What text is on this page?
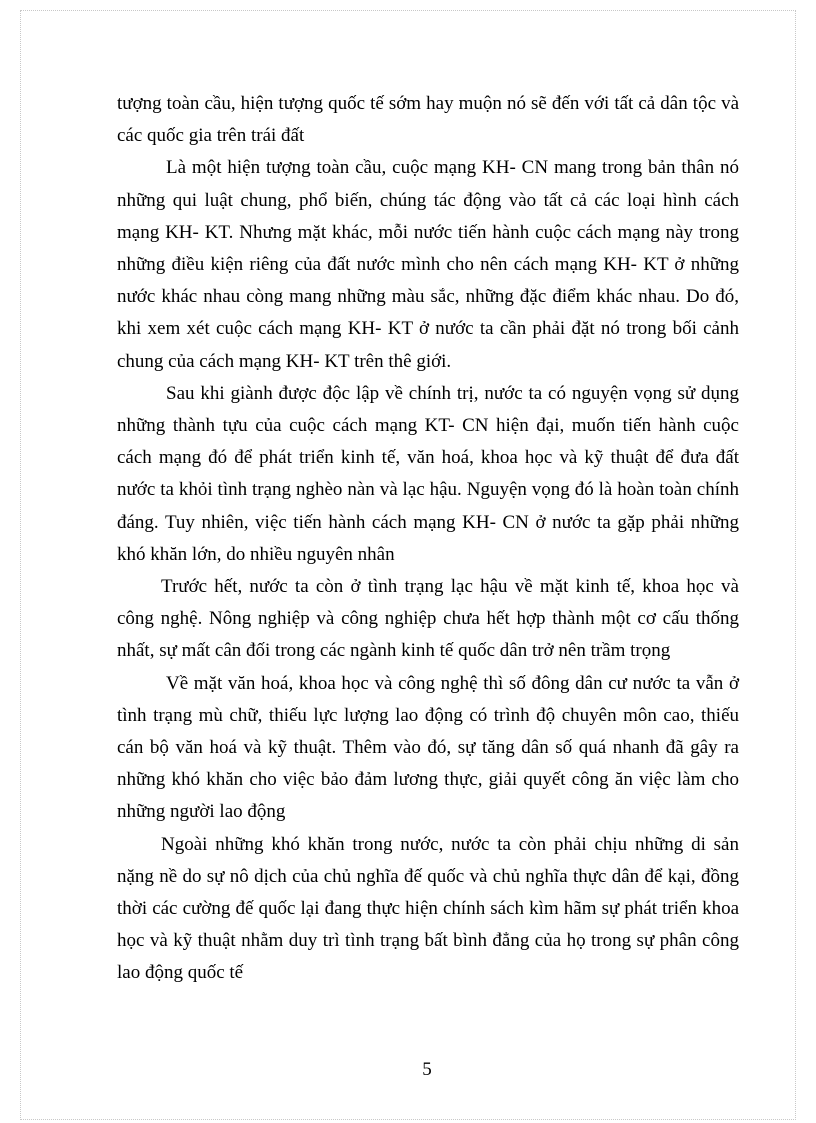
tượng toàn cầu, hiện tượng quốc tế sớm hay muộn nó sẽ đến với tất cả dân tộc và các quốc gia trên trái đất

Là một hiện tượng toàn cầu, cuộc mạng KH- CN mang trong bản thân nó những qui luật chung, phổ biến, chúng tác động vào tất cả các loại hình cách mạng KH- KT. Nhưng mặt khác, mỗi nước tiến hành cuộc cách mạng này trong những điều kiện riêng của đất nước mình cho nên cách mạng KH- KT ở những nước khác nhau còng mang những màu sắc, những đặc điểm khác nhau. Do đó, khi xem xét cuộc cách mạng KH- KT ở nước ta cần phải đặt nó trong bối cảnh chung của cách mạng KH- KT trên thê giới.

Sau khi giành được độc lập về chính trị, nước ta có nguyện vọng sử dụng những thành tựu của cuộc cách mạng KT- CN hiện đại, muốn tiến hành cuộc cách mạng đó để phát triển kinh tế, văn hoá, khoa học và kỹ thuật để đưa đất nước ta khỏi tình trạng nghèo nàn và lạc hậu. Nguyện vọng đó là hoàn toàn chính đáng. Tuy nhiên, việc tiến hành cách mạng KH- CN ở nước ta gặp phải những khó khăn lớn, do nhiều nguyên nhân

Trước hết, nước ta còn ở tình trạng lạc hậu về mặt kinh tế, khoa học và công nghệ. Nông nghiệp và công nghiệp chưa hết hợp thành một cơ cấu thống nhất, sự mất cân đối trong các ngành kinh tế quốc dân trở nên trầm trọng

Về mặt văn hoá, khoa học và công nghệ thì số đông dân cư nước ta vẫn ở tình trạng mù chữ, thiếu lực lượng lao động có trình độ chuyên môn cao, thiếu cán bộ văn hoá và kỹ thuật. Thêm vào đó, sự tăng dân số quá nhanh đã gây ra những khó khăn cho việc bảo đảm lương thực, giải quyết công ăn việc làm cho những người lao động

Ngoài những khó khăn trong nước, nước ta còn phải chịu những di sản nặng nề do sự nô dịch của chủ nghĩa đế quốc và chủ nghĩa thực dân để kại, đồng thời các cường đế quốc lại đang thực hiện chính sách kìm hãm sự phát triển khoa học và kỹ thuật nhằm duy trì tình trạng bất bình đẳng của họ trong sự phân công lao động quốc tế

5
